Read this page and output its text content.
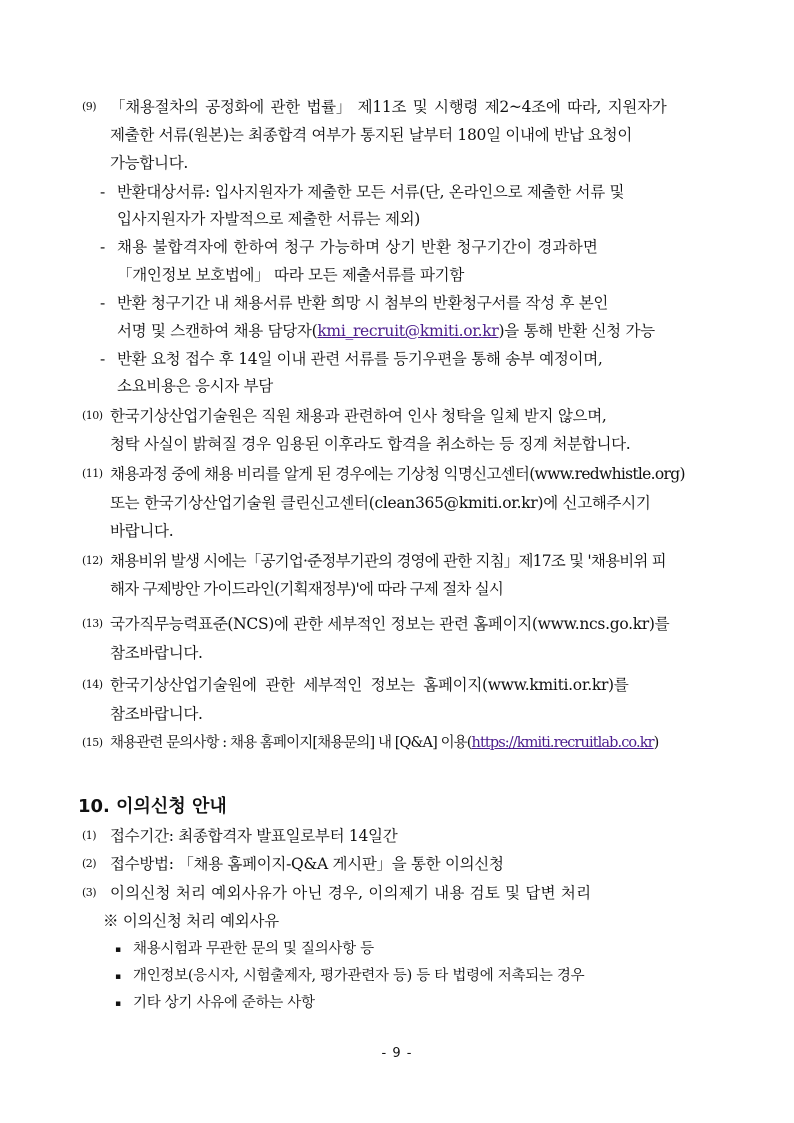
(9) 「채용절차의 공정화에 관한 법률」 제11조 및 시행령 제2~4조에 따라, 지원자가
제출한 서류(원본)는 최종합격 여부가 통지된 날부터 180일 이내에 반납 요청이
가능합니다.
- 반환대상서류: 입사지원자가 제출한 모든 서류(단, 온라인으로 제출한 서류 및
입사지원자가 자발적으로 제출한 서류는 제외)
- 채용 불합격자에 한하여 청구 가능하며 상기 반환 청구기간이 경과하면
「개인정보 보호법에」 따라 모든 제출서류를 파기함
- 반환 청구기간 내 채용서류 반환 희망 시 첨부의 반환청구서를 작성 후 본인
서명 및 스캔하여 채용 담당자(kmi_recruit@kmiti.or.kr)을 통해 반환 신청 가능
- 반환 요청 접수 후 14일 이내 관련 서류를 등기우편을 통해 송부 예정이며,
소요비용은 응시자 부담
(10) 한국기상산업기술원은 직원 채용과 관련하여 인사 청탁을 일체 받지 않으며,
청탁 사실이 밝혀질 경우 임용된 이후라도 합격을 취소하는 등 징계 처분합니다.
(11) 채용과정 중에 채용 비리를 알게 된 경우에는 기상청 익명신고센터(www.redwhistle.org)
또는 한국기상산업기술원 클린신고센터(clean365@kmiti.or.kr)에 신고해주시기
바랍니다.
(12) 채용비위 발생 시에는「공기업·준정부기관의 경영에 관한 지침」제17조 및 '채용비위 피
해자 구제방안 가이드라인(기획재정부)'에 따라 구제 절차 실시
(13) 국가직무능력표준(NCS)에 관한 세부적인 정보는 관련 홈페이지(www.ncs.go.kr)를
참조바랍니다.
(14) 한국기상산업기술원에 관한 세부적인 정보는 홈페이지(www.kmiti.or.kr)를
참조바랍니다.
(15) 채용관련 문의사항 : 채용 홈페이지[채용문의] 내 [Q&A] 이용(https://kmiti.recruitlab.co.kr)
10. 이의신청 안내
(1) 접수기간: 최종합격자 발표일로부터 14일간
(2) 접수방법: 「채용 홈페이지-Q&A 게시판」을 통한 이의신청
(3) 이의신청 처리 예외사유가 아닌 경우, 이의제기 내용 검토 및 답변 처리
※ 이의신청 처리 예외사유
▪ 채용시험과 무관한 문의 및 질의사항 등
▪ 개인정보(응시자, 시험출제자, 평가관련자 등) 등 타 법령에 저촉되는 경우
▪ 기타 상기 사유에 준하는 사항
- 9 -
